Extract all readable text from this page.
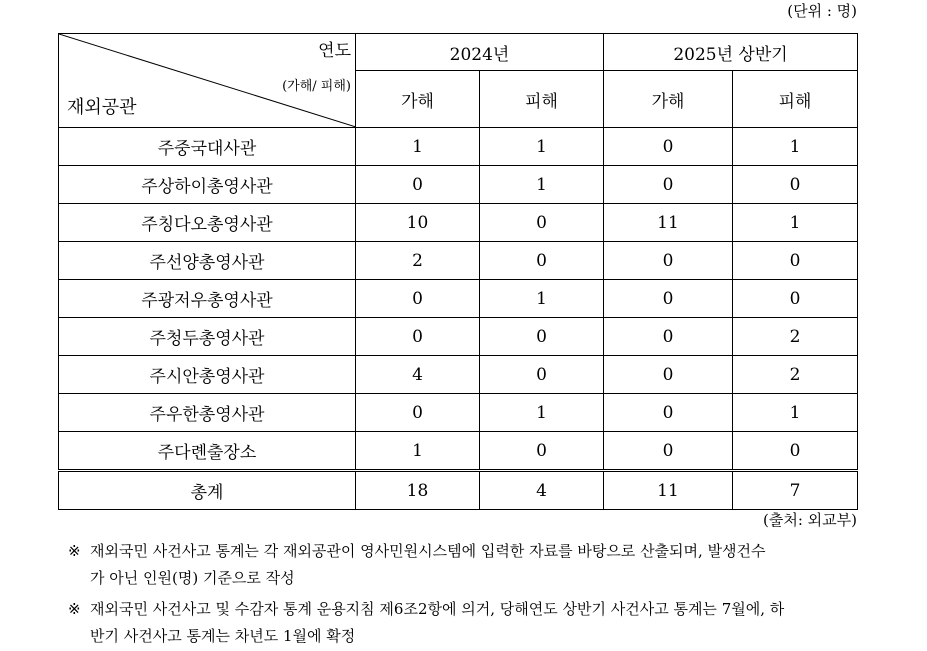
(단위 : 명)
연도
(가해/ 피해)
재외공관	2024년		2025년 상반기	
	가해	피해	가해	피해
주중국대사관	1	1	0	1
주상하이총영사관	0	1	0	0
주칭다오총영사관	10	0	11	1
주선양총영사관	2	0	0	0
주광저우총영사관	0	1	0	0
주청두총영사관	0	0	0	2
주시안총영사관	4	0	0	2
주우한총영사관	0	1	0	1
주다롄출장소	1	0	0	0
총계	18	4	11	7
(출처: 외교부)
※ 재외국민 사건사고 통계는 각 재외공관이 영사민원시스템에 입력한 자료를 바탕으로 산출되며, 발생건수
가 아닌 인원(명) 기준으로 작성
※ 재외국민 사건사고 및 수감자 통계 운용지침 제6조2항에 의거, 당해연도 상반기 사건사고 통계는 7월에, 하
반기 사건사고 통계는 차년도 1월에 확정
